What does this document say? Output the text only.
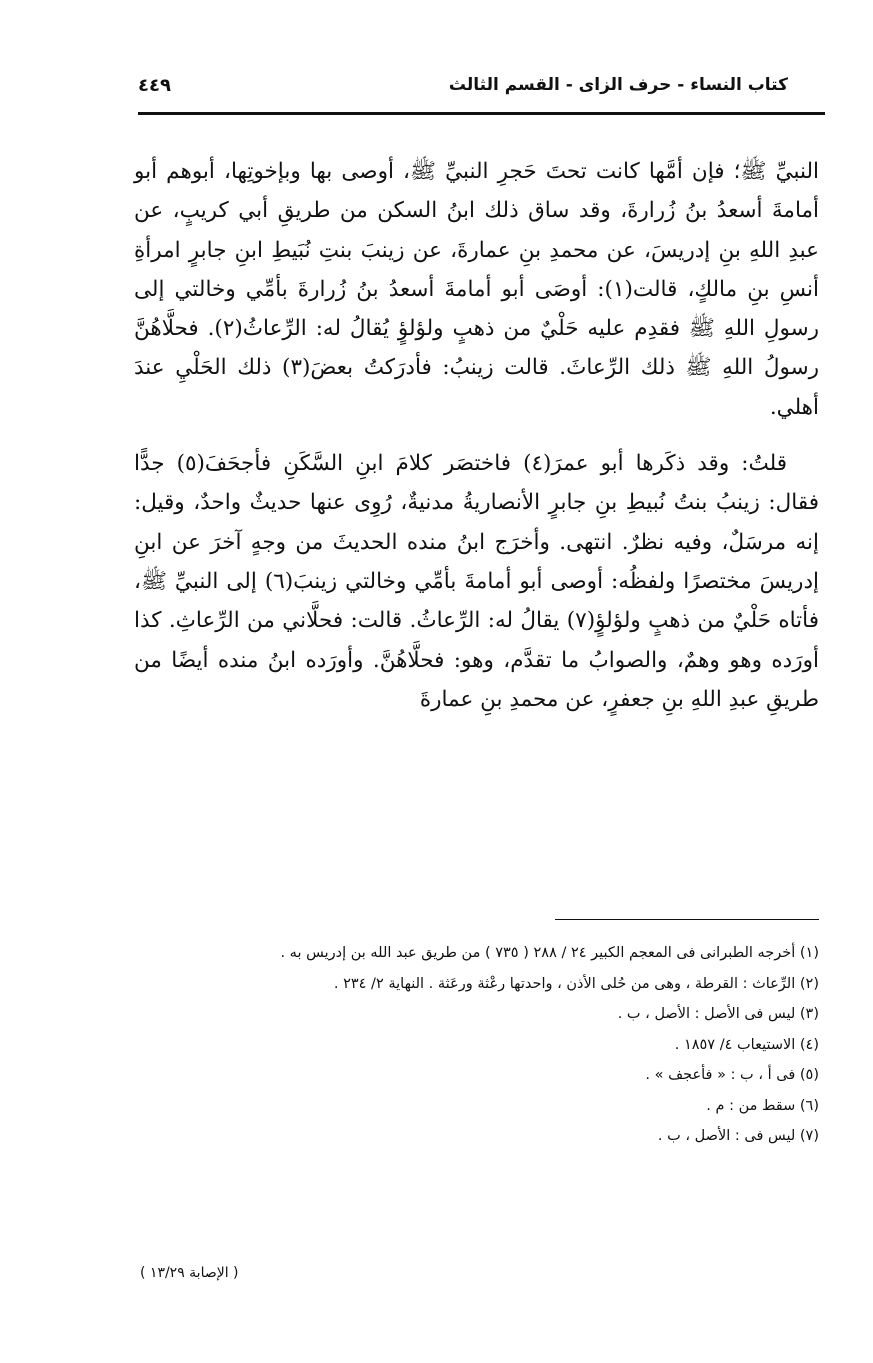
كتاب النساء - حرف الزاى - القسم الثالث
٤٤٩

النبيِّ ﷺ؛ فإن أمَّها كانت تحتَ حَجرِ النبيِّ ﷺ، أوصى بها وبإخوتِها، أبوهم أبو أمامةَ أسعدُ بنُ زُرارةَ، وقد ساق ذلك ابنُ السكن من طريقِ أبي كريبٍ، عن عبدِ اللهِ بنِ إدريسَ، عن محمدِ بنِ عمارةَ، عن زينبَ بنتِ نُبَيطِ ابنِ جابرٍ امرأةِ أنسِ بنِ مالكٍ، قالت(١): أوصَى أبو أمامةَ أسعدُ بنُ زُرارةَ بأمِّي وخالتي إلى رسولِ اللهِ ﷺ فقدِم عليه حَلْيٌ من ذهبٍ ولؤلؤٍ يُقالُ له: الرِّعاثُ(٢). فحلَّاهُنَّ رسولُ اللهِ ﷺ ذلك الرِّعاثَ. قالت زينبُ: فأدرَكتُ بعضَ(٣) ذلك الحَلْيِ عندَ أهلي.

قلتُ: وقد ذكَرها أبو عمرَ(٤) فاختصَر كلامَ ابنِ السَّكَنِ فأجحَفَ(٥) جدًّا فقال: زينبُ بنتُ نُبيطِ بنِ جابرٍ الأنصاريةُ مدنيةٌ، رُوِى عنها حديثٌ واحدٌ، وقيل: إنه مرسَلٌ، وفيه نظرٌ. انتهى. وأخرَج ابنُ منده الحديثَ من وجهٍ آخرَ عن ابنِ إدريسَ مختصرًا ولفظُه: أوصى أبو أمامةَ بأمِّي وخالتي زينبَ(٦) إلى النبيِّ ﷺ، فأتاه حَلْيٌ من ذهبٍ ولؤلؤٍ(٧) يقالُ له: الرِّعاثُ. قالت: فحلَّاني من الرِّعاثِ. كذا أورَده وهو وهمٌ، والصوابُ ما تقدَّم، وهو: فحلَّاهُنَّ. وأورَده ابنُ منده أيضًا من طريقِ عبدِ اللهِ بنِ جعفرٍ، عن محمدِ بنِ عمارةَ

(١) أخرجه الطبرانى فى المعجم الكبير ٢٤ / ٢٨٨ ( ٧٣٥ ) من طريق عبد الله بن إدريس به .
(٢) الرِّعاث : القرطة ، وهى من حُلى الأذن ، واحدتها رعْثة ورعَثة . النهاية ٢/ ٢٣٤ .
(٣) ليس فى الأصل : الأصل ، ب .
(٤) الاستيعاب ٤/ ١٨٥٧ .
(٥) فى أ ، ب : « فأعجف » .
(٦) سقط من : م .
(٧) ليس فى : الأصل ، ب .
( الإصابة ١٣/٢٩ )
